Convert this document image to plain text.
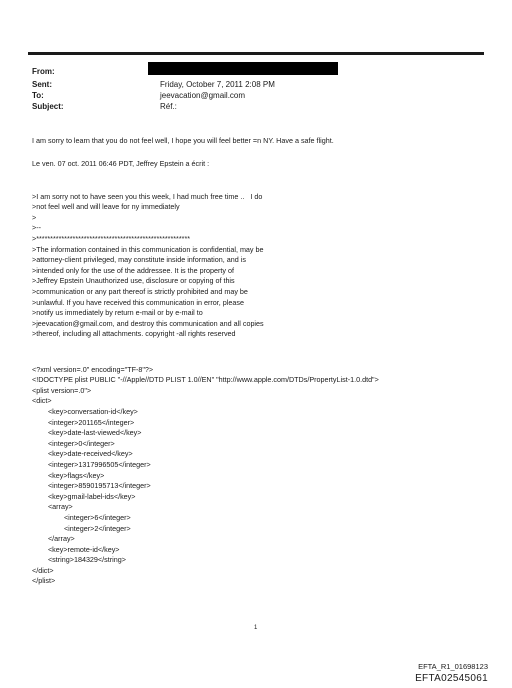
From:
Sent:	Friday, October 7, 2011 2:08 PM
To:	jeevacation@gmail.com
Subject:	Réf.:
I am sorry to learn that you do not feel well, I hope you will feel better =n NY. Have a safe flight.
Le ven. 07 oct. 2011 06:46 PDT, Jeffrey Epstein a écrit :

>I am sorry not to have seen you this week, I had much free time ..   I do
>not feel well and will leave for ny immediately
>
>--
>*******************************************************
>The information contained in this communication is confidential, may be
>attorney-client privileged, may constitute inside information, and is
>intended only for the use of the addressee. It is the property of
>Jeffrey Epstein Unauthorized use, disclosure or copying of this
>communication or any part thereof is strictly prohibited and may be
>unlawful. If you have received this communication in error, please
>notify us immediately by return e-mail or by e-mail to
>jeevacation@gmail.com, and destroy this communication and all copies
>thereof, including all attachments. copyright -all rights reserved

<?xml version=.0" encoding="TF-8"?>
<!DOCTYPE plist PUBLIC "-//Apple//DTD PLIST 1.0//EN" "http://www.apple.com/DTDs/PropertyList-1.0.dtd">
<plist version=.0">
<dict>
<key>conversation-id</key>
<integer>201165</integer>
<key>date-last-viewed</key>
<integer>0</integer>
<key>date-received</key>
<integer>1317996505</integer>
<key>flags</key>
<integer>8590195713</integer>
<key>gmail-label-ids</key>
<array>
<integer>6</integer>
<integer>2</integer>
</array>
<key>remote-id</key>
<string>184329</string>
</dict>
</plist>

1
EFTA_R1_01698123
EFTA02545061
